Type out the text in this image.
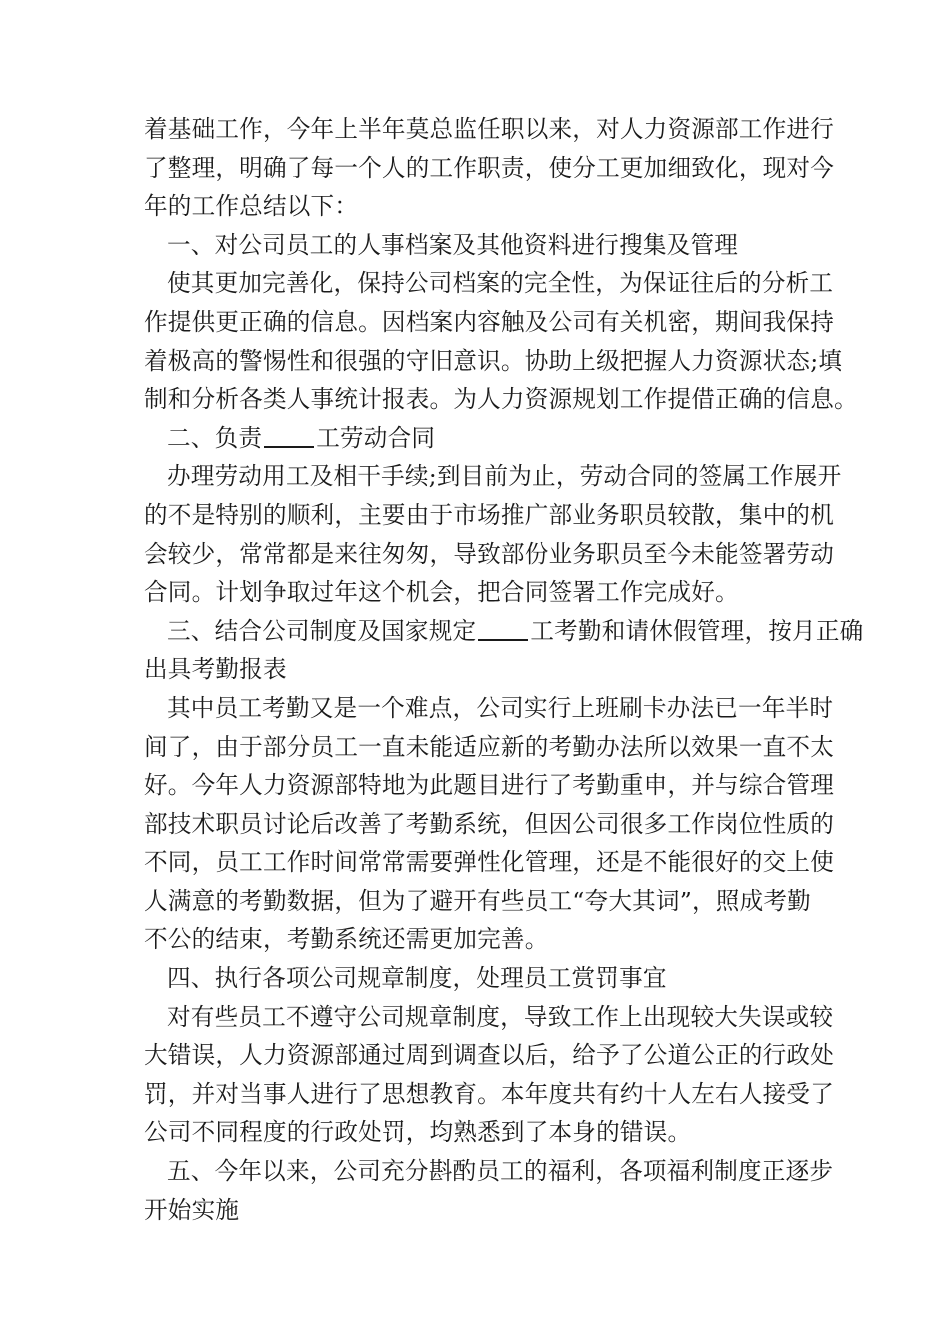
着基础工作，今年上半年莫总监任职以来，对人力资源部工作进行
了整理，明确了每一个人的工作职责，使分工更加细致化，现对今
年的工作总结以下：
一、对公司员工的人事档案及其他资料进行搜集及管理
使其更加完善化，保持公司档案的完全性，为保证往后的分析工
作提供更正确的信息。因档案内容触及公司有关机密，期间我保持
着极高的警惕性和很强的守旧意识。协助上级把握人力资源状态;填
制和分析各类人事统计报表。为人力资源规划工作提借正确的信息。
二、负责 工劳动合同
办理劳动用工及相干手续;到目前为止，劳动合同的签属工作展开
的不是特别的顺利，主要由于市场推广部业务职员较散，集中的机
会较少，常常都是来往匆匆，导致部份业务职员至今未能签署劳动
合同。计划争取过年这个机会，把合同签署工作完成好。
三、结合公司制度及国家规定 工考勤和请休假管理，按月正确
出具考勤报表
其中员工考勤又是一个难点，公司实行上班刷卡办法已一年半时
间了，由于部分员工一直未能适应新的考勤办法所以效果一直不太
好。今年人力资源部特地为此题目进行了考勤重申，并与综合管理
部技术职员讨论后改善了考勤系统，但因公司很多工作岗位性质的
不同，员工工作时间常常需要弹性化管理，还是不能很好的交上使
人满意的考勤数据，但为了避开有些员工“夸大其词”，照成考勤
不公的结束，考勤系统还需更加完善。
四、执行各项公司规章制度，处理员工赏罚事宜
对有些员工不遵守公司规章制度，导致工作上出现较大失误或较
大错误，人力资源部通过周到调查以后，给予了公道公正的行政处
罚，并对当事人进行了思想教育。本年度共有约十人左右人接受了
公司不同程度的行政处罚，均熟悉到了本身的错误。
五、今年以来，公司充分斟酌员工的福利，各项福利制度正逐步
开始实施
